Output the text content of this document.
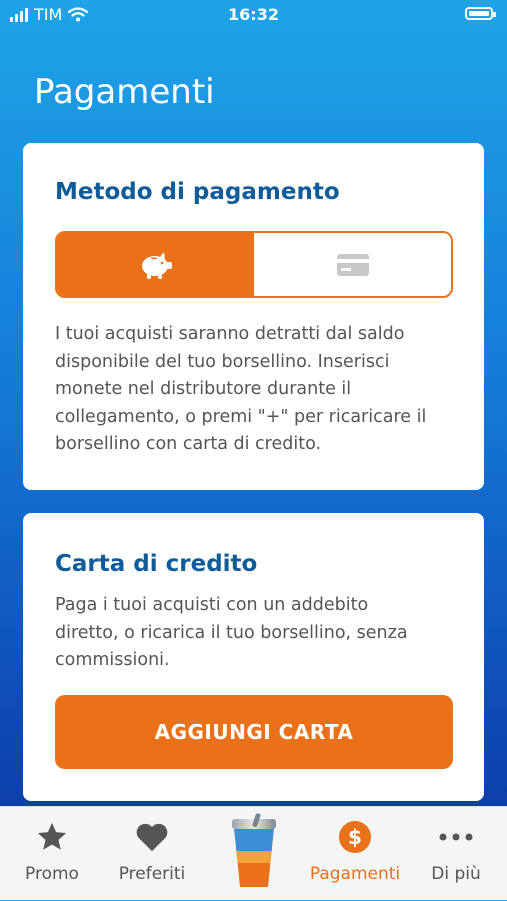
TIM	16:32
Pagamenti
Metodo di pagamento

I tuoi acquisti saranno detratti dal saldo
disponibile del tuo borsellino. Inserisci
monete nel distributore durante il
collegamento, o premi "+" per ricaricare il
borsellino con carta di credito.

Carta di credito

Paga i tuoi acquisti con un addebito
diretto, o ricarica il tuo borsellino, senza
commissioni.

AGGIUNGI CARTA
Promo Preferiti
$
Pagamenti Di più
